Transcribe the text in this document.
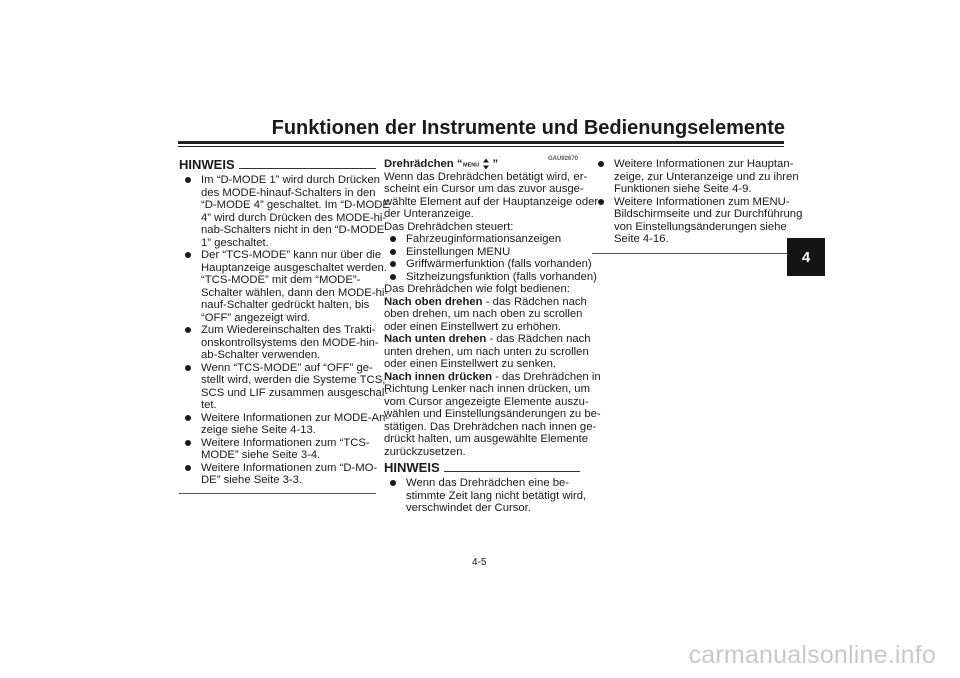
Funktionen der Instrumente und Bedienungselemente
4
HINWEIS
Im “D-MODE 1” wird durch Drücken
des MODE-hinauf-Schalters in den
“D-MODE 4” geschaltet. Im “D-MODE
4” wird durch Drücken des MODE-hi-
nab-Schalters nicht in den “D-MODE
1” geschaltet.
Der “TCS-MODE” kann nur über die
Hauptanzeige ausgeschaltet werden.
“TCS-MODE” mit dem “MODE”-
Schalter wählen, dann den MODE-hi-
nauf-Schalter gedrückt halten, bis
“OFF” angezeigt wird.
Zum Wiedereinschalten des Trakti-
onskontrollsystems den MODE-hin-
ab-Schalter verwenden.
Wenn “TCS-MODE” auf “OFF” ge-
stellt wird, werden die Systeme TCS,
SCS und LIF zusammen ausgeschal-
tet.
Weitere Informationen zur MODE-An-
zeige siehe Seite 4-13.
Weitere Informationen zum “TCS-
MODE” siehe Seite 3-4.
Weitere Informationen zum “D-MO-
DE” siehe Seite 3-3.
Drehrädchen “ MENU ”	GAU92670
Wenn das Drehrädchen betätigt wird, er-
scheint ein Cursor um das zuvor ausge-
wählte Element auf der Hauptanzeige oder
der Unteranzeige.
Das Drehrädchen steuert:
Fahrzeuginformationsanzeigen
Einstellungen MENU
Griffwärmerfunktion (falls vorhanden)
Sitzheizungsfunktion (falls vorhanden)
Das Drehrädchen wie folgt bedienen:
Nach oben drehen - das Rädchen nach
oben drehen, um nach oben zu scrollen
oder einen Einstellwert zu erhöhen.
Nach unten drehen - das Rädchen nach
unten drehen, um nach unten zu scrollen
oder einen Einstellwert zu senken.
Nach innen drücken - das Drehrädchen in
Richtung Lenker nach innen drücken, um
vom Cursor angezeigte Elemente auszu-
wählen und Einstellungsänderungen zu be-
stätigen. Das Drehrädchen nach innen ge-
drückt halten, um ausgewählte Elemente
zurückzusetzen.
HINWEIS
Wenn das Drehrädchen eine be-
stimmte Zeit lang nicht betätigt wird,
verschwindet der Cursor.
Weitere Informationen zur Hauptan-
zeige, zur Unteranzeige und zu ihren
Funktionen siehe Seite 4-9.
Weitere Informationen zum MENU-
Bildschirmseite und zur Durchführung
von Einstellungsänderungen siehe
Seite 4-16.
4-5
carmanualsonline.info
